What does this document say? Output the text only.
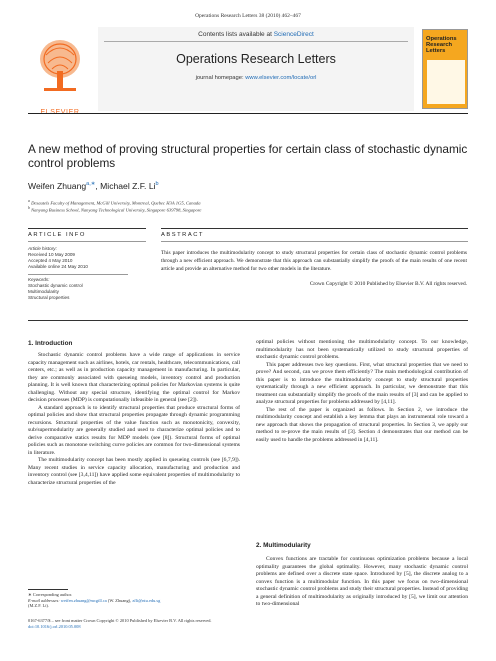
Operations Research Letters 38 (2010) 462–467
ELSEVIER
Contents lists available at ScienceDirect
Operations Research Letters
journal homepage: www.elsevier.com/locate/orl
Operations Research Letters
A new method of proving structural properties for certain class of stochastic dynamic control problems
Weifen Zhuang$^{a,∗}$, Michael Z.F. Li$^b$
$^a$ Desautels Faculty of Management, McGill University, Montreal, Quebec H3A 1G5, Canada
$^b$ Nanyang Business School, Nanyang Technological University, Singapore 639798, Singapore
ARTICLE INFO	ABSTRACT
Article history:
Received 10 May 2009
Accepted 4 May 2010
Available online 24 May 2010
Keywords:
Stochastic dynamic control
Multimodularity
Structural properties
This paper introduces the multimodularity concept to study structural properties for certain class of stochastic dynamic control problems through a new efficient approach. We demonstrate that this approach can substantially simplify the proofs of the main results of one recent article and provide an alternative method for two other models in the literature.
Crown Copyright © 2010 Published by Elsevier B.V. All rights reserved.
1. Introduction

Stochastic dynamic control problems have a wide range of applications in service capacity management such as airlines, hotels, car rentals, healthcare, telecommunications, call centers, etc.; as well as in production capacity management in manufacturing. In particular, they are commonly associated with queueing models, inventory control and production planning. It is well known that characterizing optimal policies for Markovian systems is quite challenging. Without any special structure, identifying the optimal control for Markov decision processes (MDP) is computationally infeasible in general (see [2]).

A standard approach is to identify structural properties that produce structural forms of optimal policies and show that structural properties propagate through dynamic programming recursions. Structural properties of the value function such as monotonicity, convexity, sub/supermodularity are generally studied and used to characterize optimal policies and to derive comparative statics results for MDP models (see [8]). Structural forms of optimal policies such as monotone switching curve policies are common for two-dimensional systems in literature.

The multimodularity concept has been mostly applied in queueing controls (see [6,7,9]). Many recent studies in service capacity allocation, manufacturing and production and inventory control (see [3,4,11]) have applied some equivalent properties of multimodularity to characterize structural properties of the

optimal policies without mentioning the multimodularity concept. To our knowledge, multimodularity has not been systematically utilized to study structural properties of stochastic dynamic control problems.

This paper addresses two key questions. First, what structural properties that we need to prove? And second, can we prove them efficiently? The main methodological contribution of this paper is to introduce the multimodularity concept to study structural properties systematically through a new efficient approach. In particular, we demonstrate that this treatment can substantially simplify the proofs of the main results of [3] and can be applied to analyze structural properties for problems addressed by [4,11].

The rest of the paper is organized as follows. In Section 2, we introduce the multimodularity concept and establish a key lemma that plays an instrumental role toward a new approach that shows the propagation of structural properties. In Section 3, we apply our method to re-prove the main results of [3]. Section 4 demonstrates that our method can be easily used to handle the problems addressed in [4,11].

2. Multimodularity

Convex functions are tractable for continuous optimization problems because a local optimality guarantees the global optimality. However, many stochastic dynamic control problems are defined over a discrete state space. Introduced by [5], the discrete analog to a convex function is a multimodular function. In this paper we focus on two-dimensional stochastic dynamic control problems and study their structural properties. Instead of providing a general definition of multimodularity as originally introduced by [5], we limit our attention to two-dimensional

∗ Corresponding author.
E-mail addresses: weifen.zhuang@mcgill.ca (W. Zhuang), zfli@ntu.edu.sg
(M.Z.F. Li).
0167-6377/$ – see front matter Crown Copyright © 2010 Published by Elsevier B.V. All rights reserved.
doi:10.1016/j.orl.2010.05.008
